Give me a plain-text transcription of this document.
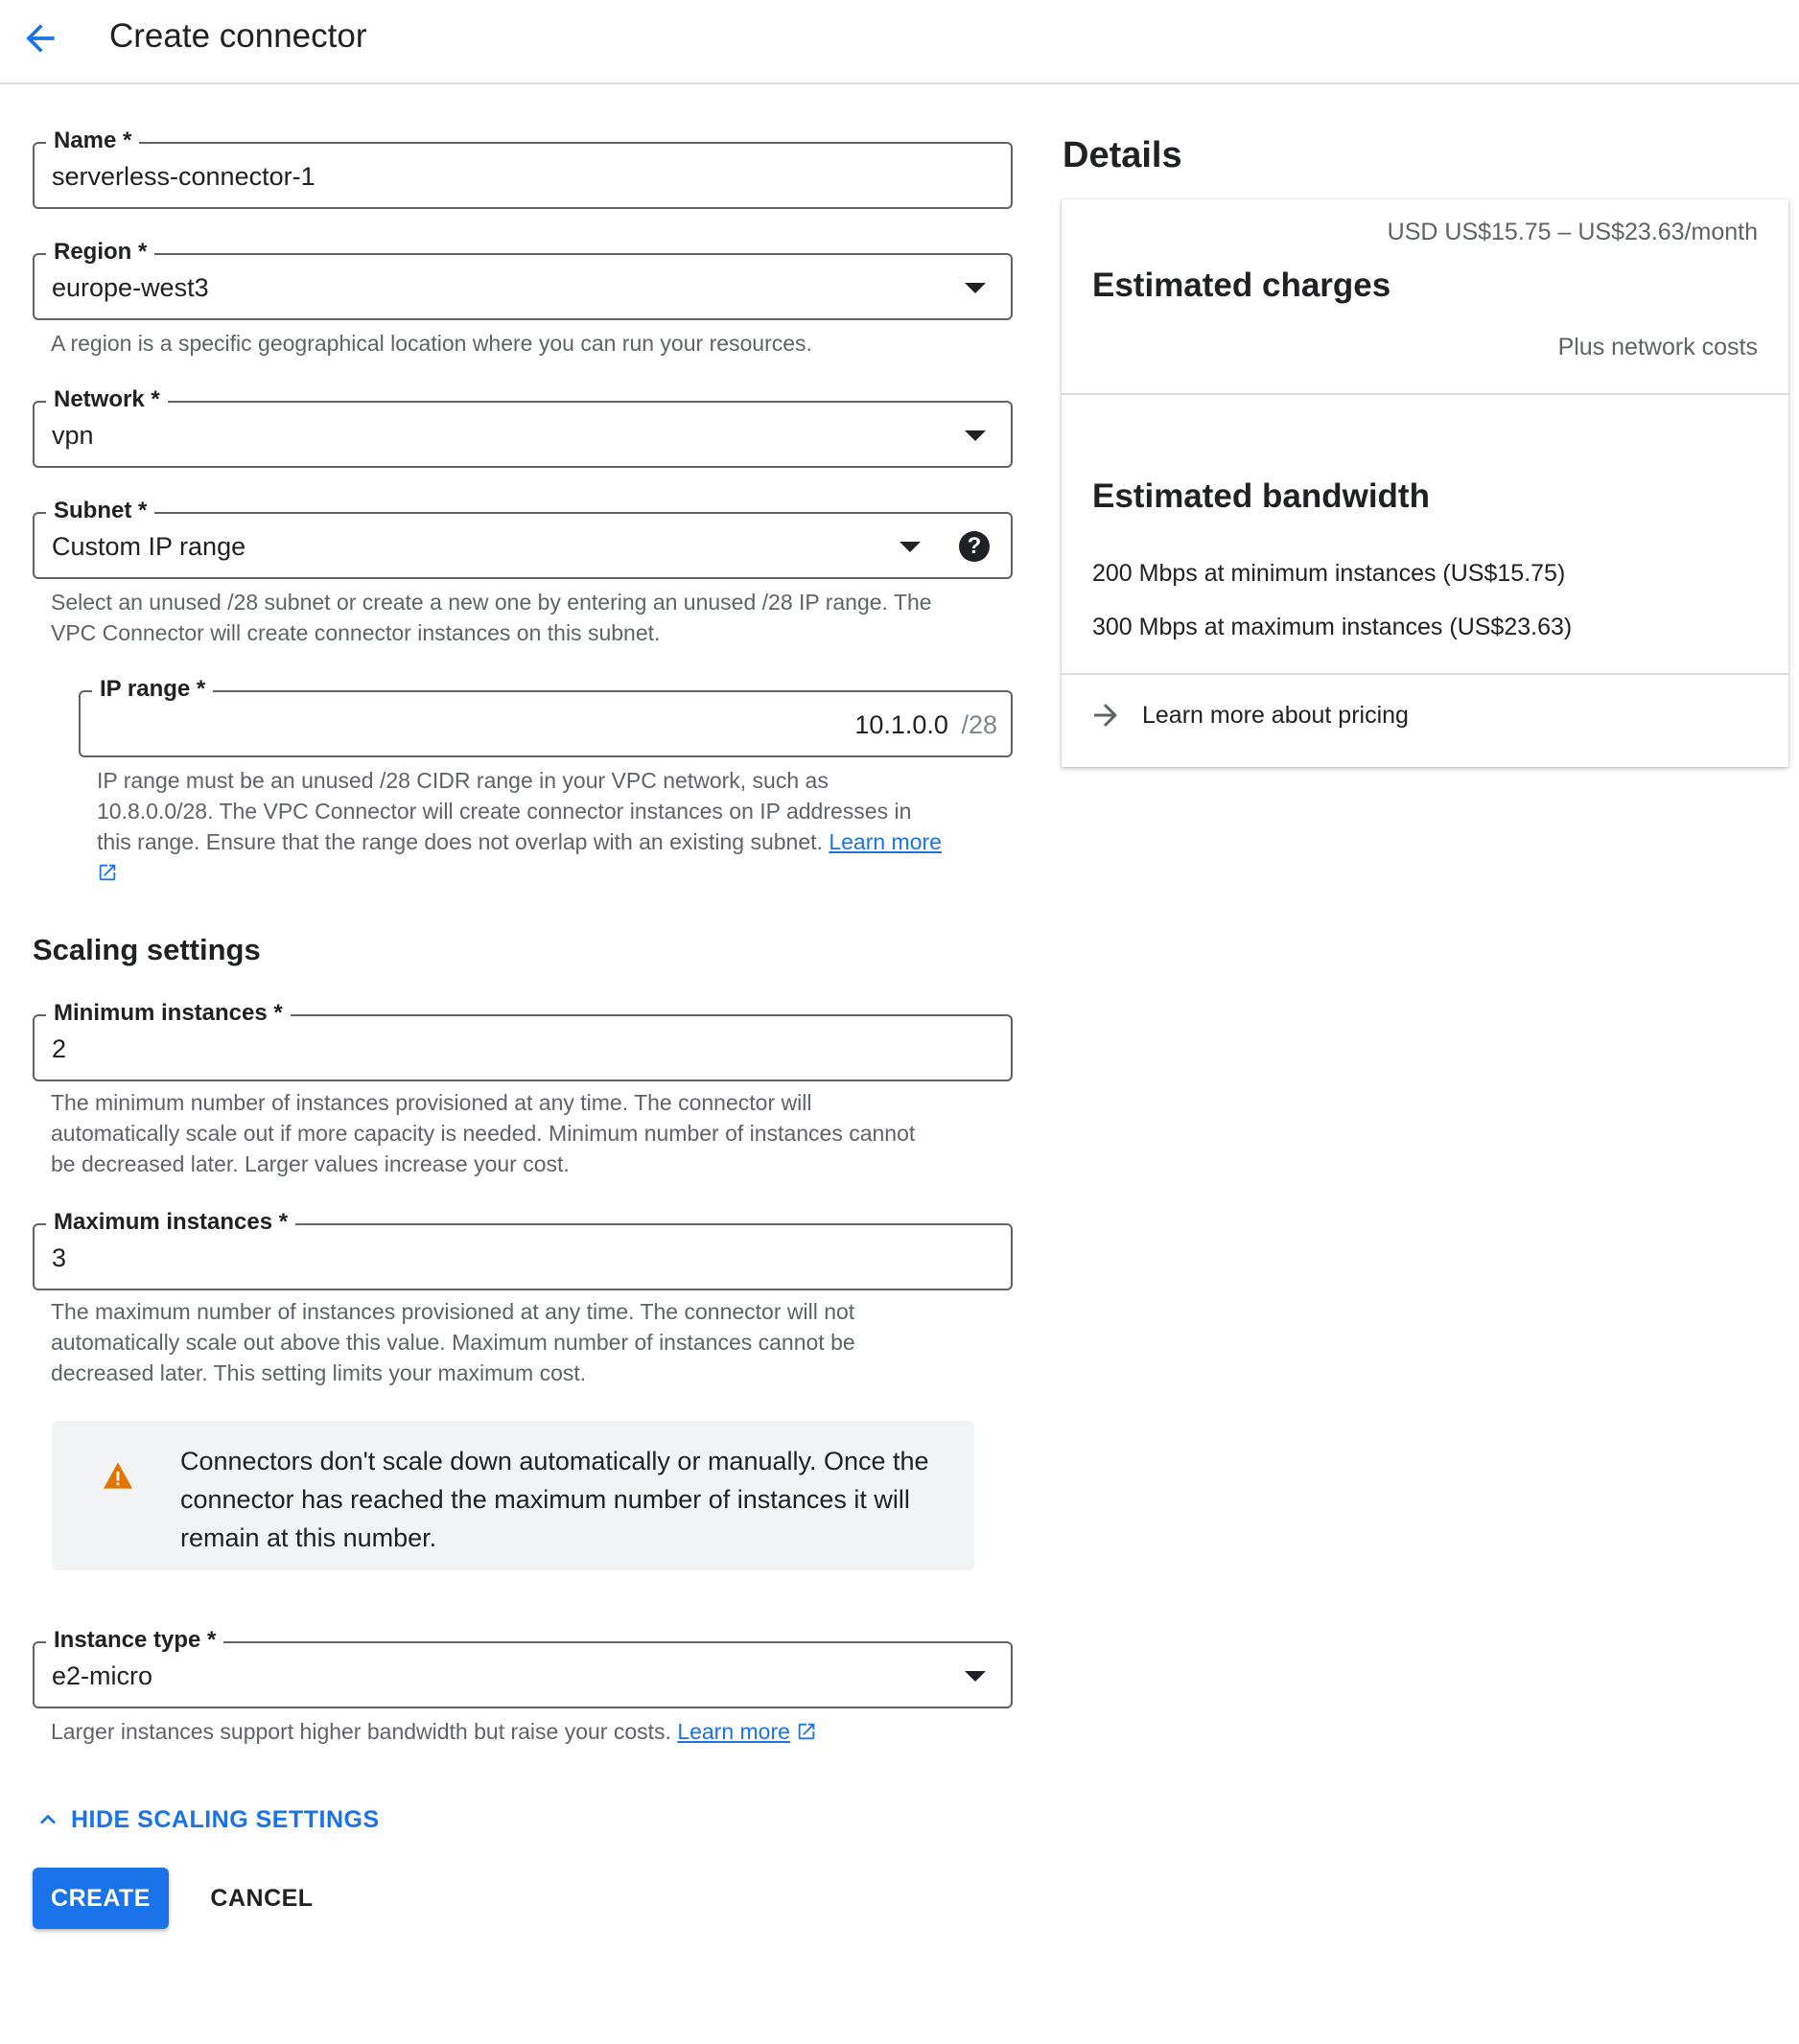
Create connector
Name *
serverless-connector-1
Region *
europe-west3
A region is a specific geographical location where you can run your resources.
Network *
vpn
Subnet *
Custom IP range	?
Select an unused /28 subnet or create a new one by entering an unused /28 IP range. The
VPC Connector will create connector instances on this subnet.
IP range *
10.1.0.0 /28
IP range must be an unused /28 CIDR range in your VPC network, such as
10.8.0.0/28. The VPC Connector will create connector instances on IP addresses in
this range. Ensure that the range does not overlap with an existing subnet. Learn more
Scaling settings
Minimum instances *
2
The minimum number of instances provisioned at any time. The connector will
automatically scale out if more capacity is needed. Minimum number of instances cannot
be decreased later. Larger values increase your cost.
Maximum instances *
3
The maximum number of instances provisioned at any time. The connector will not
automatically scale out above this value. Maximum number of instances cannot be
decreased later. This setting limits your maximum cost.
Connectors don't scale down automatically or manually. Once the
connector has reached the maximum number of instances it will
remain at this number.
Instance type *
e2-micro
Larger instances support higher bandwidth but raise your costs. Learn more
HIDE SCALING SETTINGS
CREATE	CANCEL
Details
USD US$15.75 – US$23.63/month
Estimated charges
Plus network costs
Estimated bandwidth
200 Mbps at minimum instances (US$15.75)
300 Mbps at maximum instances (US$23.63)
Learn more about pricing
